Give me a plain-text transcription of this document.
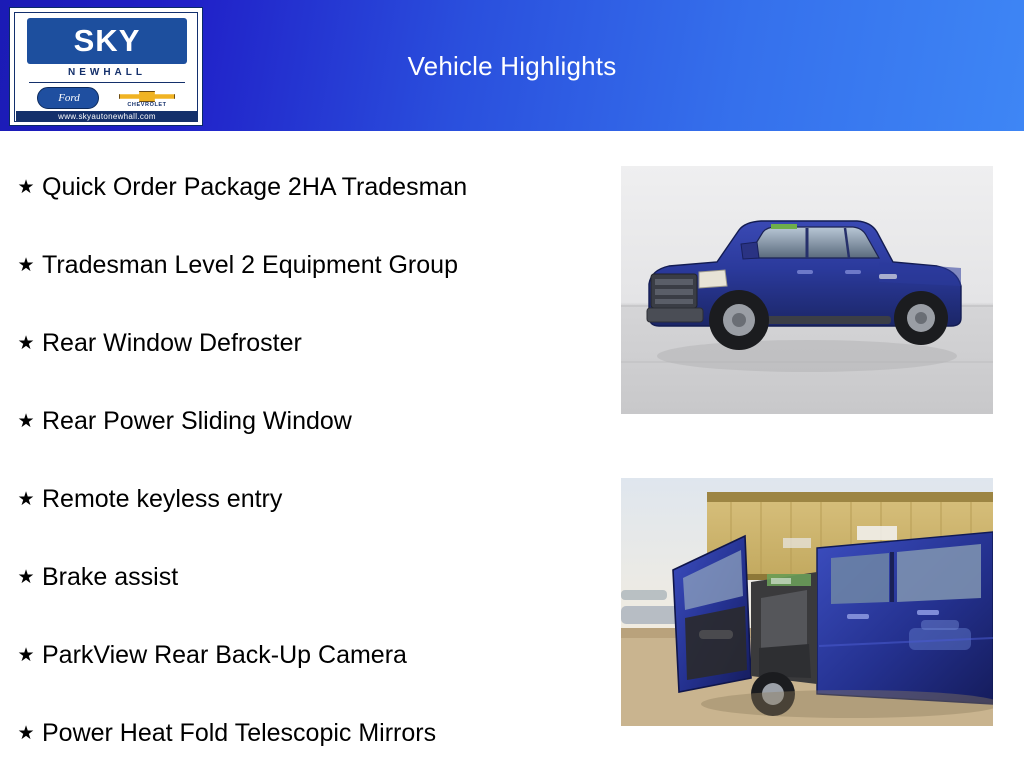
Vehicle Highlights
SKY
NEWHALL
Ford
CHEVROLET
www.skyautonewhall.com
★ Quick Order Package 2HA Tradesman
★ Tradesman Level 2 Equipment Group
★ Rear Window Defroster
★ Rear Power Sliding Window
★ Remote keyless entry
★ Brake assist
★ ParkView Rear Back-Up Camera
★ Power Heat Fold Telescopic Mirrors
